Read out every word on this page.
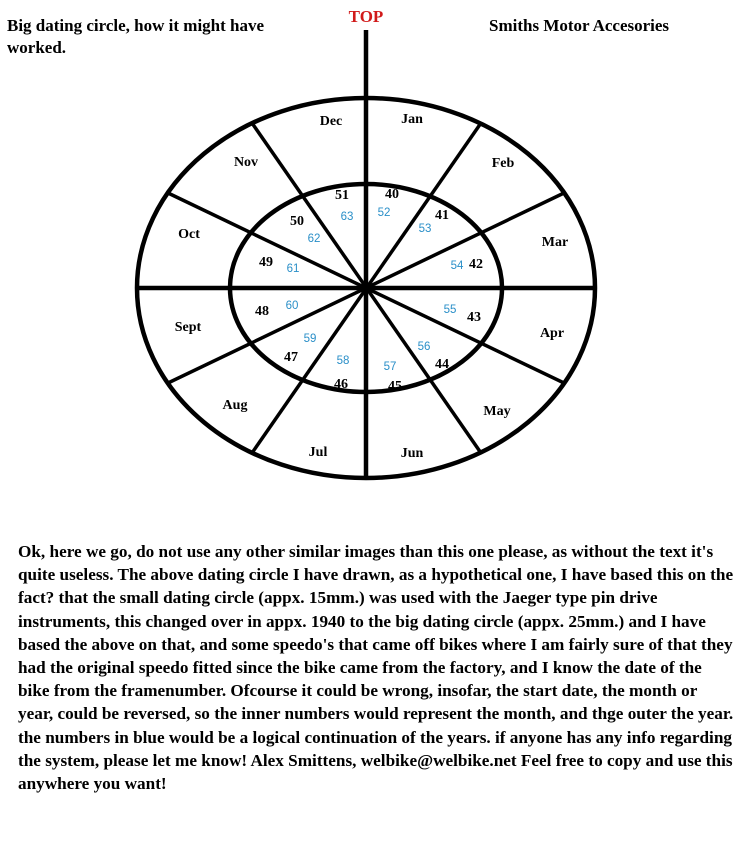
Big dating circle, how it might have worked.
Smiths Motor Accesories
TOP
Jan
Feb
Mar
Apr
May
Jun
Jul
Aug
Sept
Oct
Nov
Dec
40
41
42
43
44
45
46
47
48
49
50
51
52
53
54
55
56
57
58
59
60
61
62
63

Ok, here we go, do not use any other similar images than this one please, as without the text it's quite useless. The above dating circle I have drawn, as a hypothetical one, I have based this on the fact? that the small dating circle (appx. 15mm.) was used with the Jaeger type pin drive instruments, this changed over in appx. 1940 to the big dating circle (appx. 25mm.) and I have based the above on that, and some speedo's that came off bikes where I am fairly sure of that they had the original speedo fitted since the bike came from the factory, and I know the date of the bike from the framenumber. Ofcourse it could be wrong, insofar, the start date, the month or year, could be reversed, so the inner numbers would represent the month, and thge outer the year. the numbers in blue would be a logical continuation of the years. if anyone has any info regarding the system, please let me know! Alex Smittens, welbike@welbike.net Feel free to copy and use this anywhere you want!
